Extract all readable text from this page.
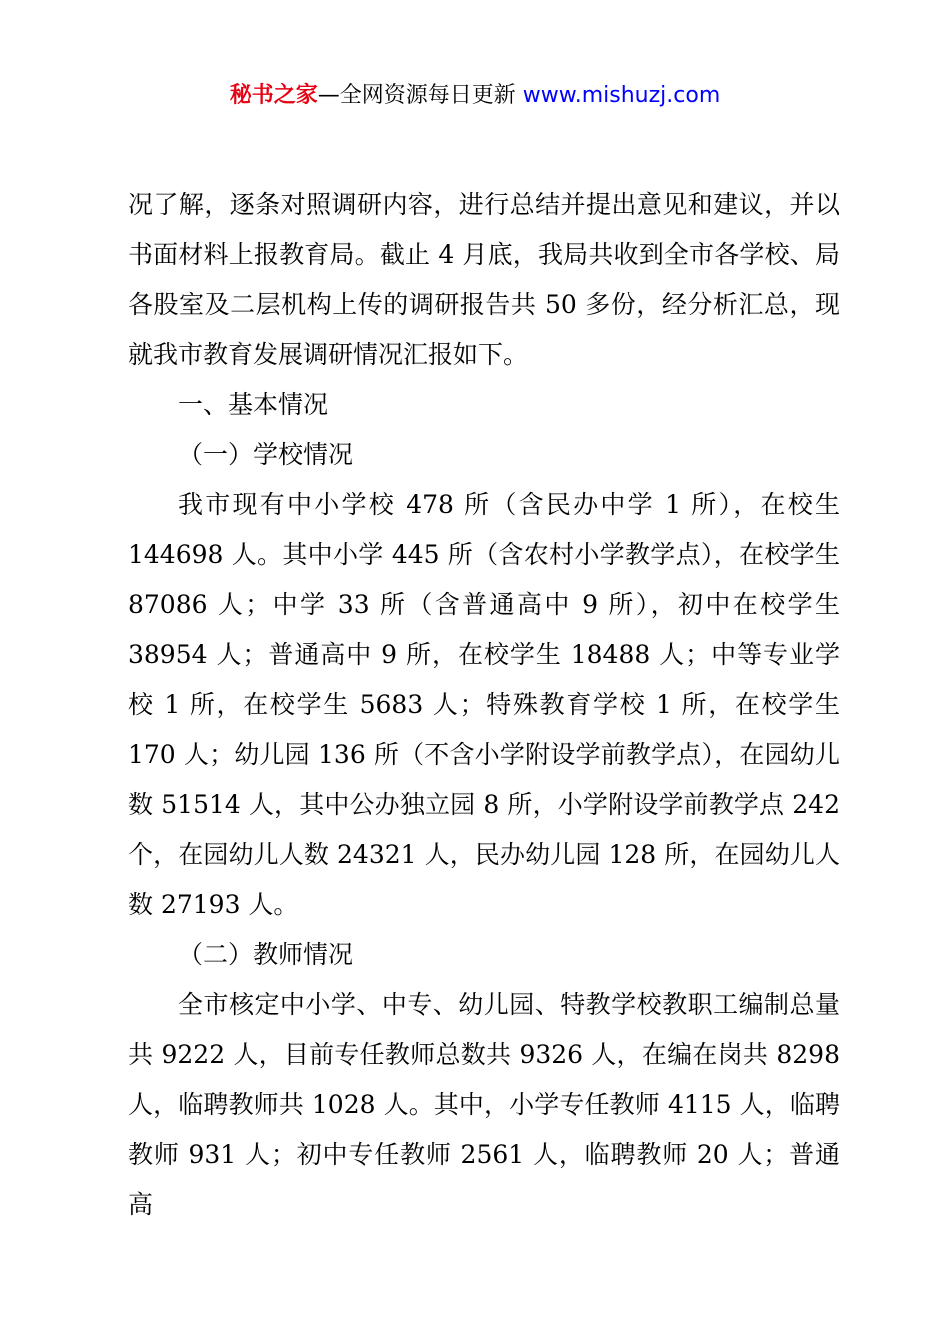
秘书之家—全网资源每日更新 www.mishuzj.com

况了解，逐条对照调研内容，进行总结并提出意见和建议，并以书面材料上报教育局。截止 4 月底，我局共收到全市各学校、局各股室及二层机构上传的调研报告共 50 多份，经分析汇总，现就我市教育发展调研情况汇报如下。

一、基本情况

（一）学校情况

我市现有中小学校 478 所（含民办中学 1 所），在校生 144698 人。其中小学 445 所（含农村小学教学点），在校学生 87086 人；中学 33 所（含普通高中 9 所），初中在校学生 38954 人；普通高中 9 所，在校学生 18488 人；中等专业学校 1 所，在校学生 5683 人；特殊教育学校 1 所，在校学生 170 人；幼儿园 136 所（不含小学附设学前教学点），在园幼儿数 51514 人，其中公办独立园 8 所，小学附设学前教学点 242 个，在园幼儿人数 24321 人，民办幼儿园 128 所，在园幼儿人数 27193 人。

（二）教师情况

全市核定中小学、中专、幼儿园、特教学校教职工编制总量共 9222 人，目前专任教师总数共 9326 人，在编在岗共 8298 人，临聘教师共 1028 人。其中，小学专任教师 4115 人，临聘教师 931 人；初中专任教师 2561 人，临聘教师 20 人；普通高
